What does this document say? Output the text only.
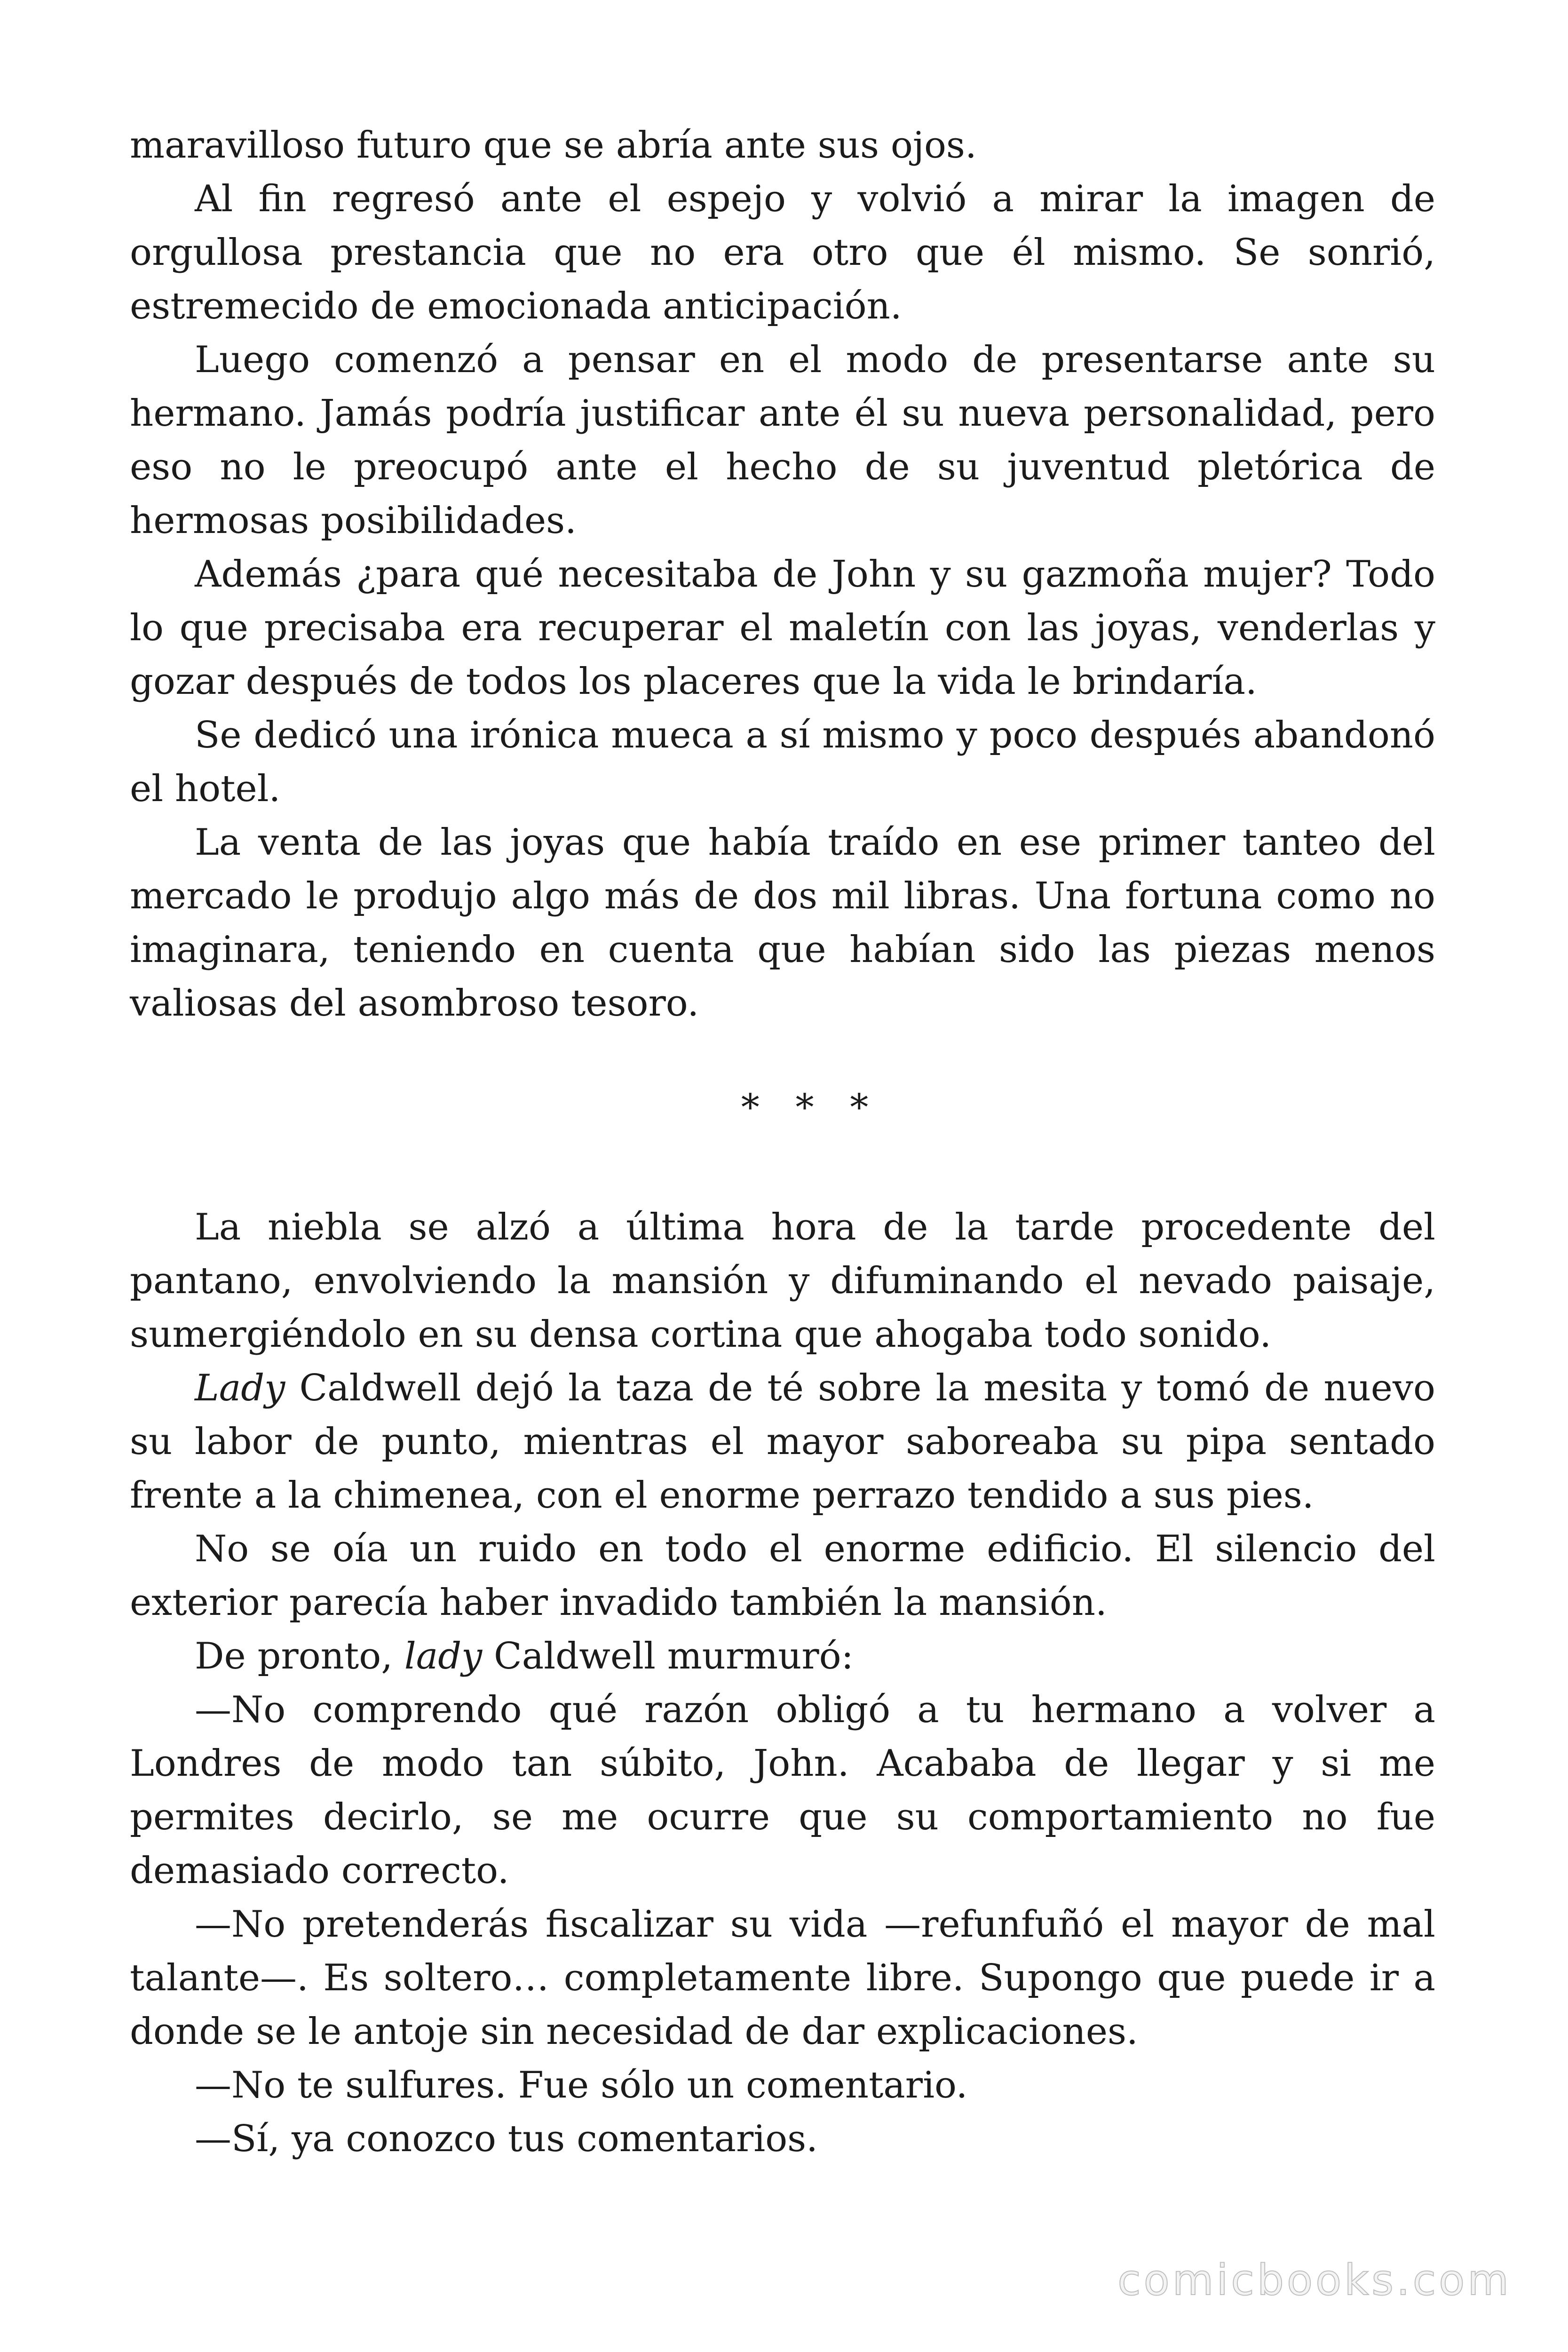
maravilloso futuro que se abría ante sus ojos.

Al fin regresó ante el espejo y volvió a mirar la imagen de orgullosa prestancia que no era otro que él mismo. Se sonrió, estremecido de emocionada anticipación.

Luego comenzó a pensar en el modo de presentarse ante su hermano. Jamás podría justificar ante él su nueva personalidad, pero eso no le preocupó ante el hecho de su juventud pletórica de hermosas posibilidades.

Además ¿para qué necesitaba de John y su gazmoña mujer? Todo lo que precisaba era recuperar el maletín con las joyas, venderlas y gozar después de todos los placeres que la vida le brindaría.

Se dedicó una irónica mueca a sí mismo y poco después abandonó el hotel.

La venta de las joyas que había traído en ese primer tanteo del mercado le produjo algo más de dos mil libras. Una fortuna como no imaginara, teniendo en cuenta que habían sido las piezas menos valiosas del asombroso tesoro.

* * *

La niebla se alzó a última hora de la tarde procedente del pantano, envolviendo la mansión y difuminando el nevado paisaje, sumergiéndolo en su densa cortina que ahogaba todo sonido.

Lady Caldwell dejó la taza de té sobre la mesita y tomó de nuevo su labor de punto, mientras el mayor saboreaba su pipa sentado frente a la chimenea, con el enorme perrazo tendido a sus pies.

No se oía un ruido en todo el enorme edificio. El silencio del exterior parecía haber invadido también la mansión.

De pronto, lady Caldwell murmuró:

—No comprendo qué razón obligó a tu hermano a volver a Londres de modo tan súbito, John. Acababa de llegar y si me permites decirlo, se me ocurre que su comportamiento no fue demasiado correcto.

—No pretenderás fiscalizar su vida —refunfuñó el mayor de mal talante—. Es soltero… completamente libre. Supongo que puede ir a donde se le antoje sin necesidad de dar explicaciones.

—No te sulfures. Fue sólo un comentario.

—Sí, ya conozco tus comentarios.

comicbooks.com
